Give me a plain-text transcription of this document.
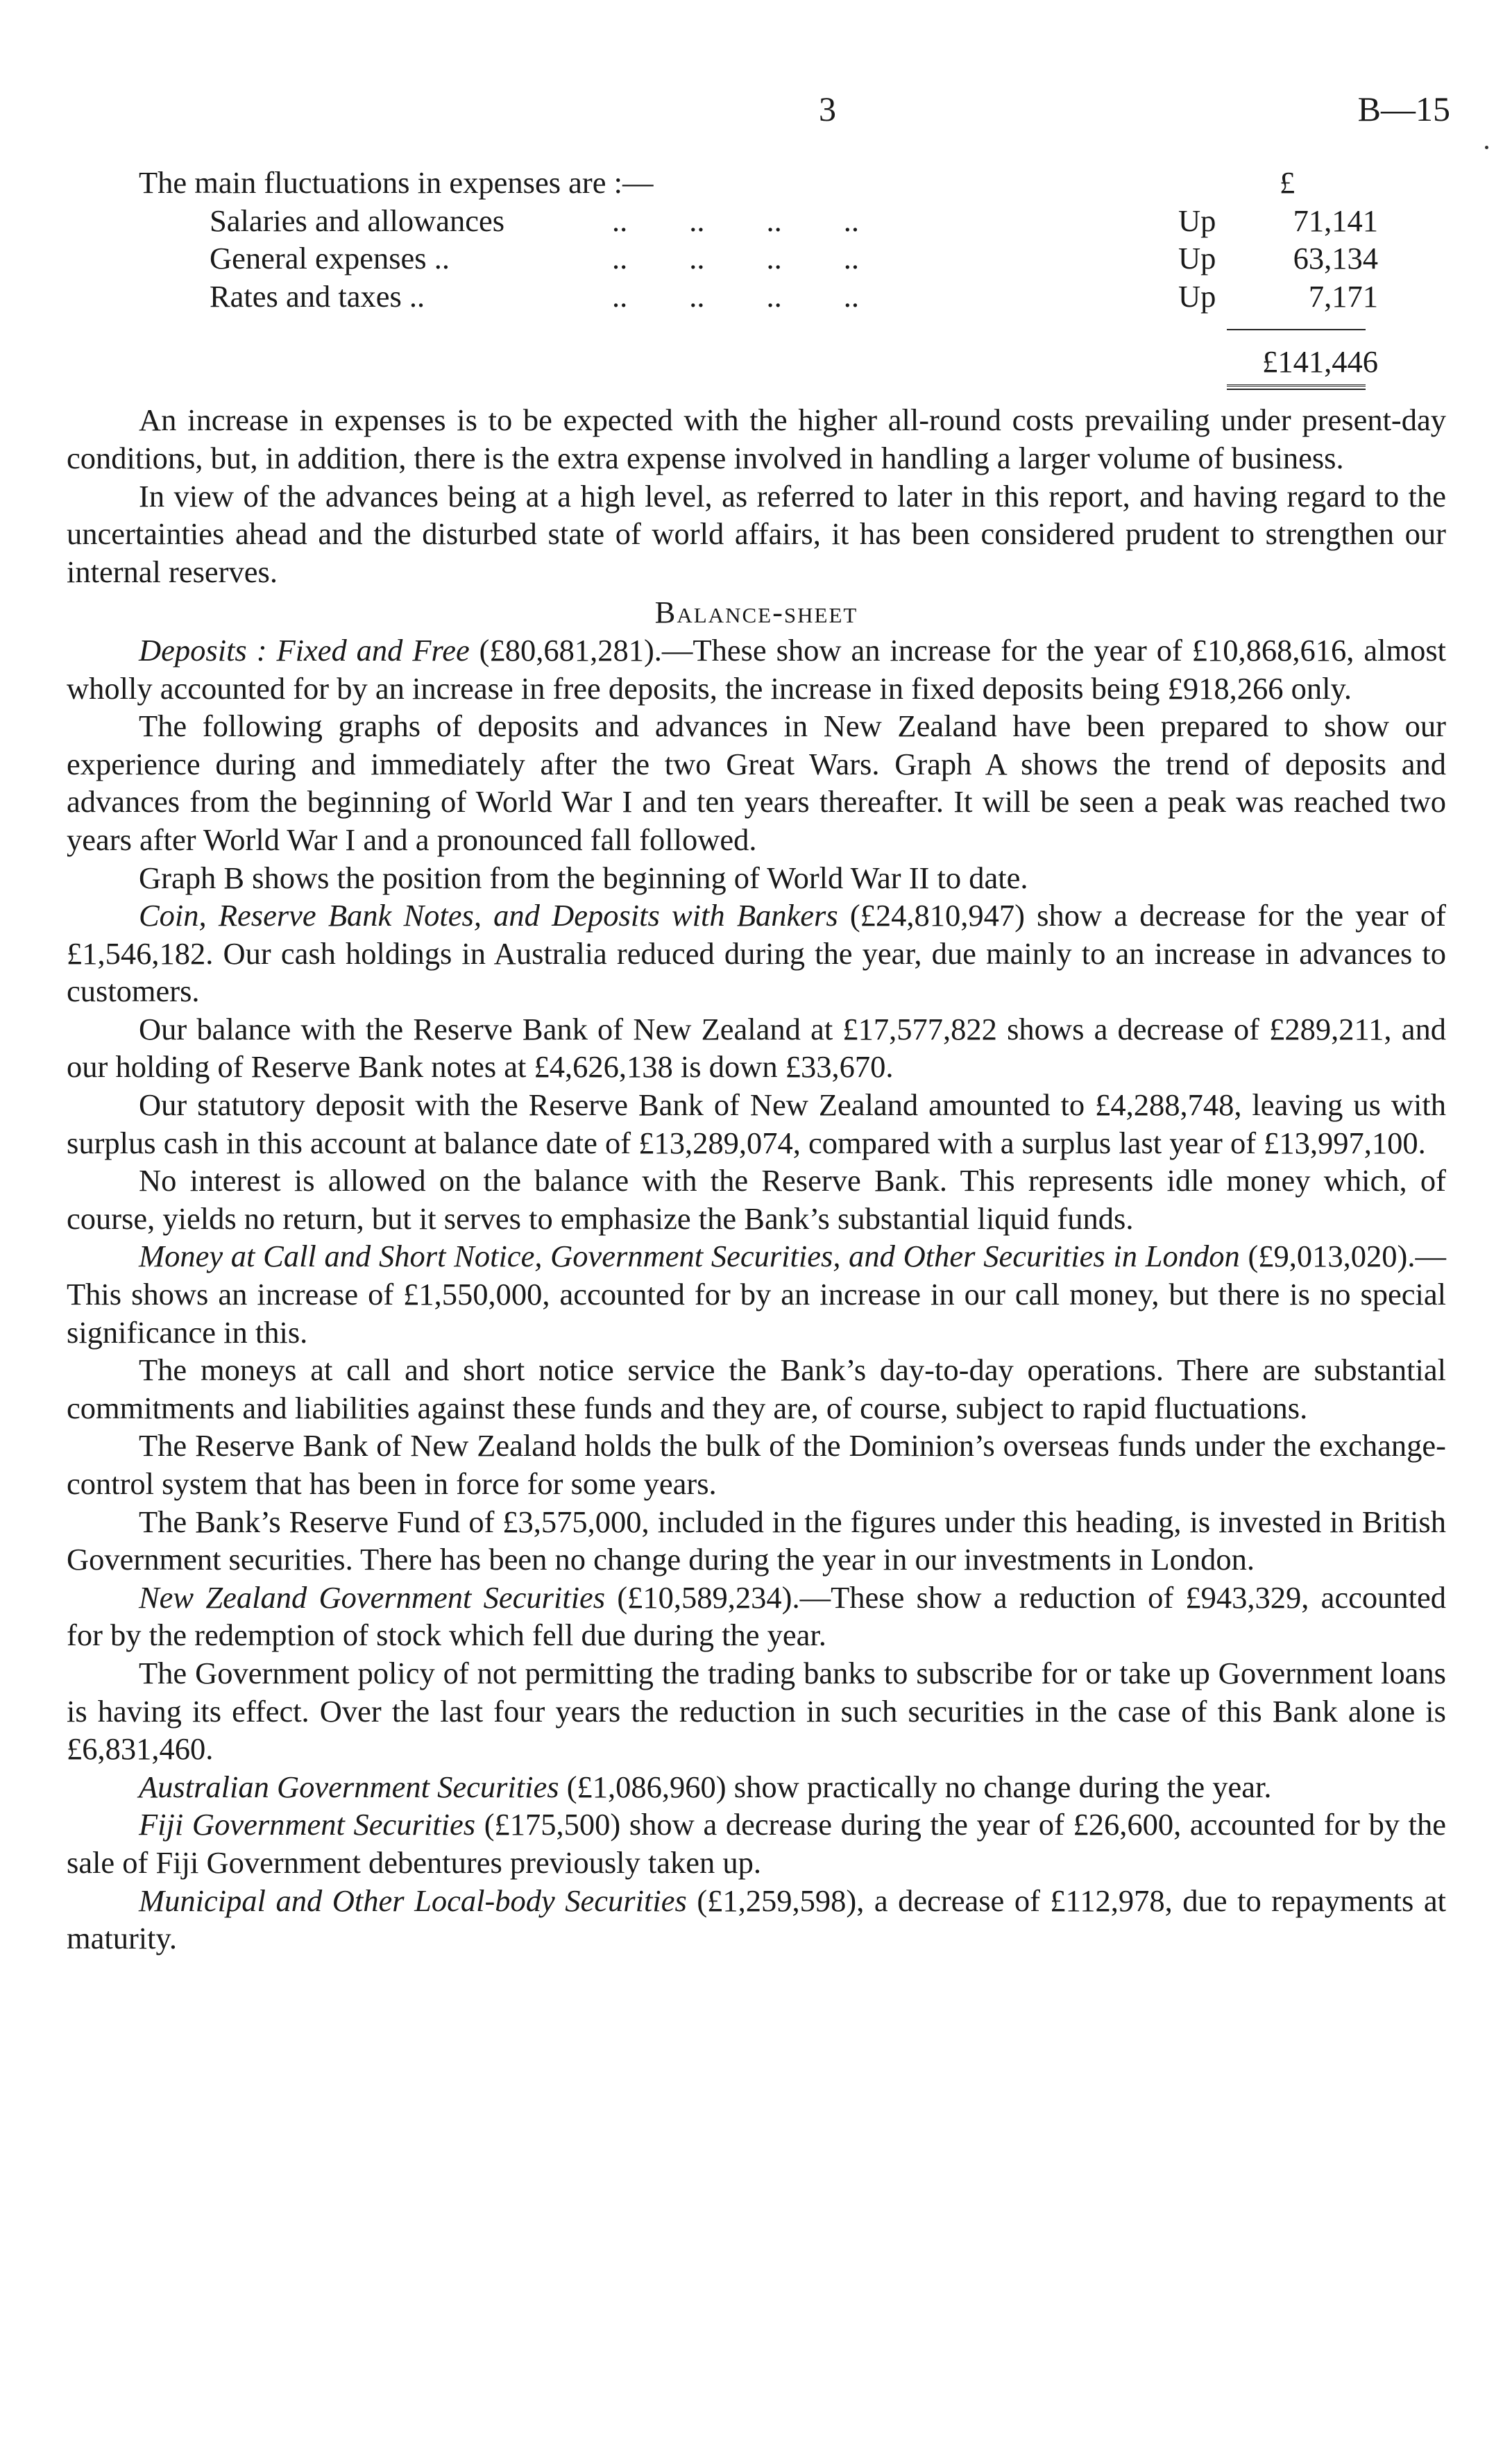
3	B—15
The main fluctuations in expenses are :—	£
Salaries and allowances	..        ..        ..        ..	Up 71,141
General expenses ..	..        ..        ..        ..	Up 63,134
Rates and taxes ..	..        ..        ..        ..	Up	7,171
£141,446

An increase in expenses is to be expected with the higher all-round costs prevailing under present-day conditions, but, in addition, there is the extra expense involved in handling a larger volume of business.

In view of the advances being at a high level, as referred to later in this report, and having regard to the uncertainties ahead and the disturbed state of world affairs, it has been considered prudent to strengthen our internal reserves.

Balance-sheet

Deposits : Fixed and Free (£80,681,281).—These show an increase for the year of £10,868,616, almost wholly accounted for by an increase in free deposits, the increase in fixed deposits being £918,266 only.

The following graphs of deposits and advances in New Zealand have been prepared to show our experience during and immediately after the two Great Wars. Graph A shows the trend of deposits and advances from the beginning of World War I and ten years thereafter. It will be seen a peak was reached two years after World War I and a pronounced fall followed.

Graph B shows the position from the beginning of World War II to date.

Coin, Reserve Bank Notes, and Deposits with Bankers (£24,810,947) show a decrease for the year of £1,546,182. Our cash holdings in Australia reduced during the year, due mainly to an increase in advances to customers.

Our balance with the Reserve Bank of New Zealand at £17,577,822 shows a decrease of £289,211, and our holding of Reserve Bank notes at £4,626,138 is down £33,670.

Our statutory deposit with the Reserve Bank of New Zealand amounted to £4,288,748, leaving us with surplus cash in this account at balance date of £13,289,074, compared with a surplus last year of £13,997,100.

No interest is allowed on the balance with the Reserve Bank. This represents idle money which, of course, yields no return, but it serves to emphasize the Bank’s substantial liquid funds.

Money at Call and Short Notice, Government Securities, and Other Securities in London (£9,013,020).—This shows an increase of £1,550,000, accounted for by an increase in our call money, but there is no special significance in this.

The moneys at call and short notice service the Bank’s day-to-day operations. There are substantial commitments and liabilities against these funds and they are, of course, subject to rapid fluctuations.

The Reserve Bank of New Zealand holds the bulk of the Dominion’s overseas funds under the exchange-control system that has been in force for some years.

The Bank’s Reserve Fund of £3,575,000, included in the figures under this heading, is invested in British Government securities. There has been no change during the year in our investments in London.

New Zealand Government Securities (£10,589,234).—These show a reduction of £943,329, accounted for by the redemption of stock which fell due during the year.

The Government policy of not permitting the trading banks to subscribe for or take up Government loans is having its effect. Over the last four years the reduction in such securities in the case of this Bank alone is £6,831,460.

Australian Government Securities (£1,086,960) show practically no change during the year.

Fiji Government Securities (£175,500) show a decrease during the year of £26,600, accounted for by the sale of Fiji Government debentures previously taken up.

Municipal and Other Local-body Securities (£1,259,598), a decrease of £112,978, due to repayments at maturity.
